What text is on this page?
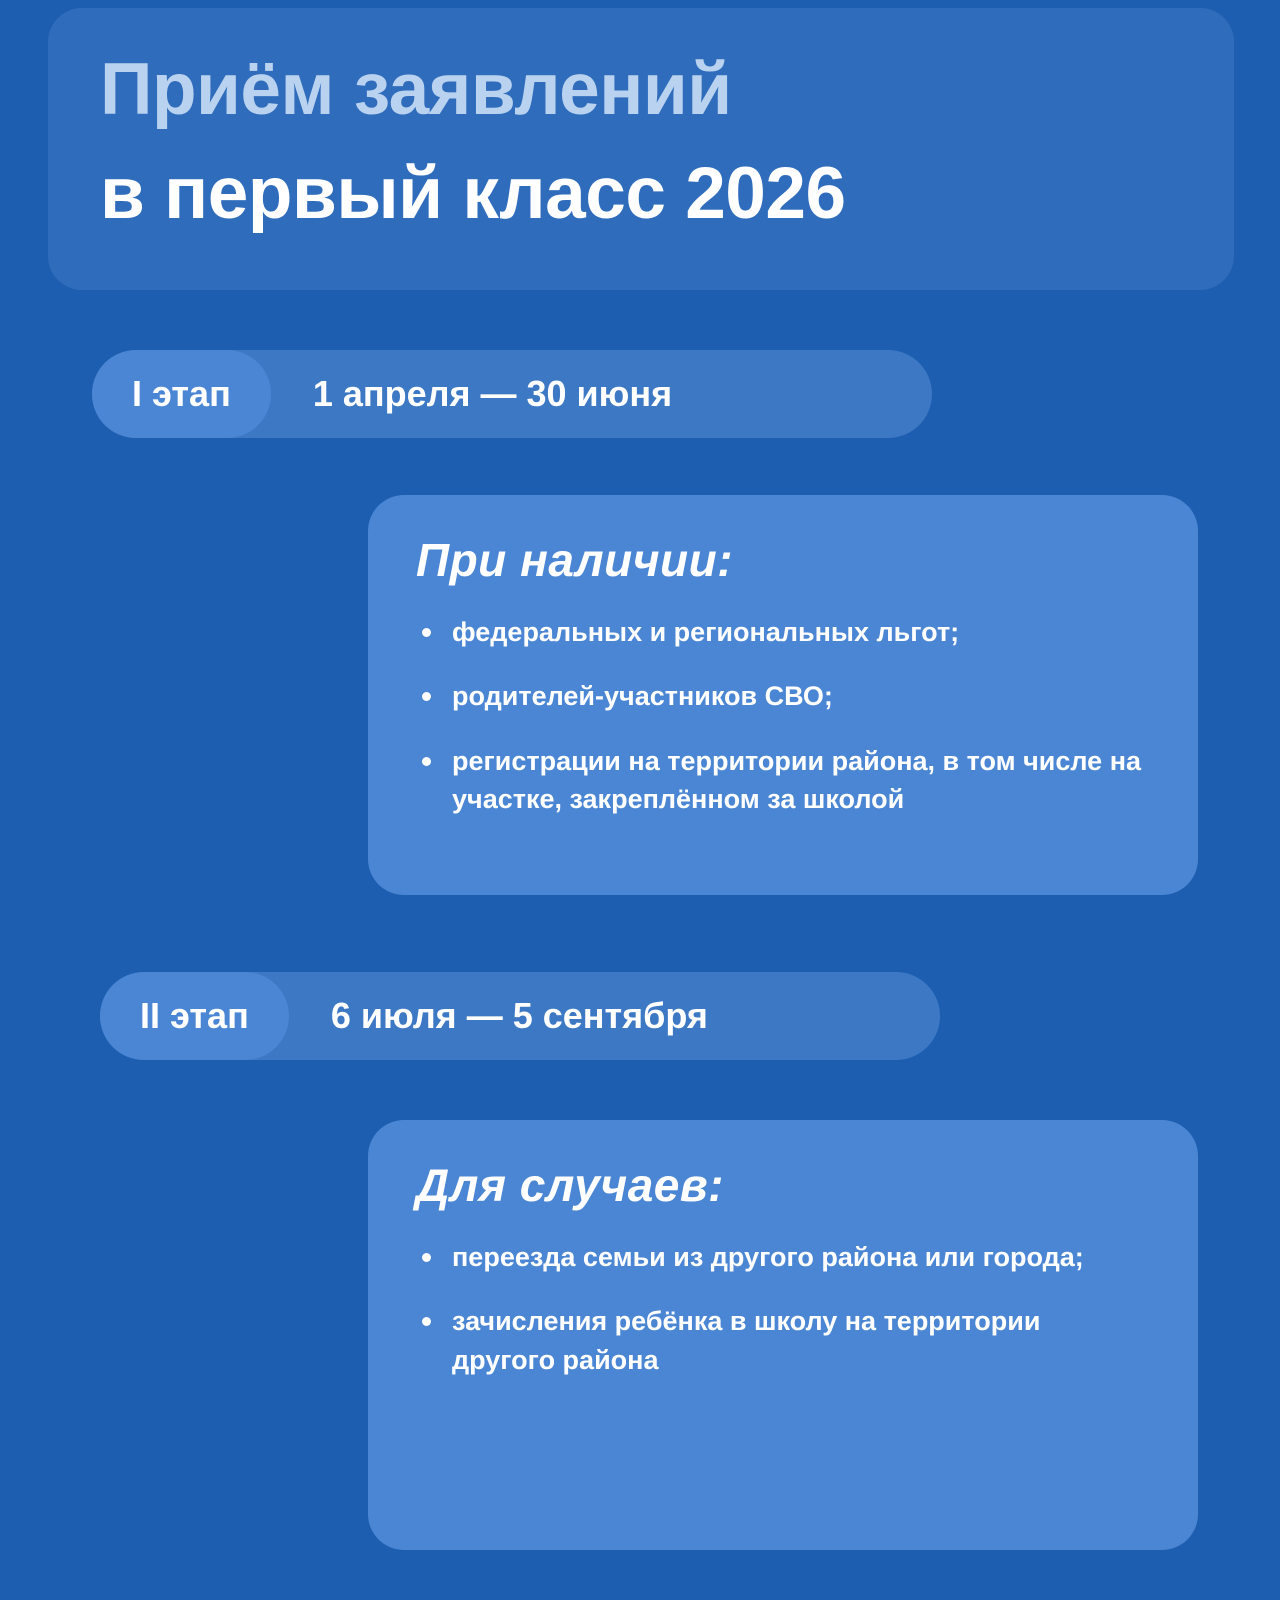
Приём заявлений
в первый класс 2026
I этап 1 апреля — 30 июня
При наличии:
федеральных и региональных льгот;
родителей-участников СВО;
регистрации на территории района, в том числе на участке, закреплённом за школой
II этап 6 июля — 5 сентября
Для случаев:
переезда семьи из другого района или города;
зачисления ребёнка в школу на территории другого района
